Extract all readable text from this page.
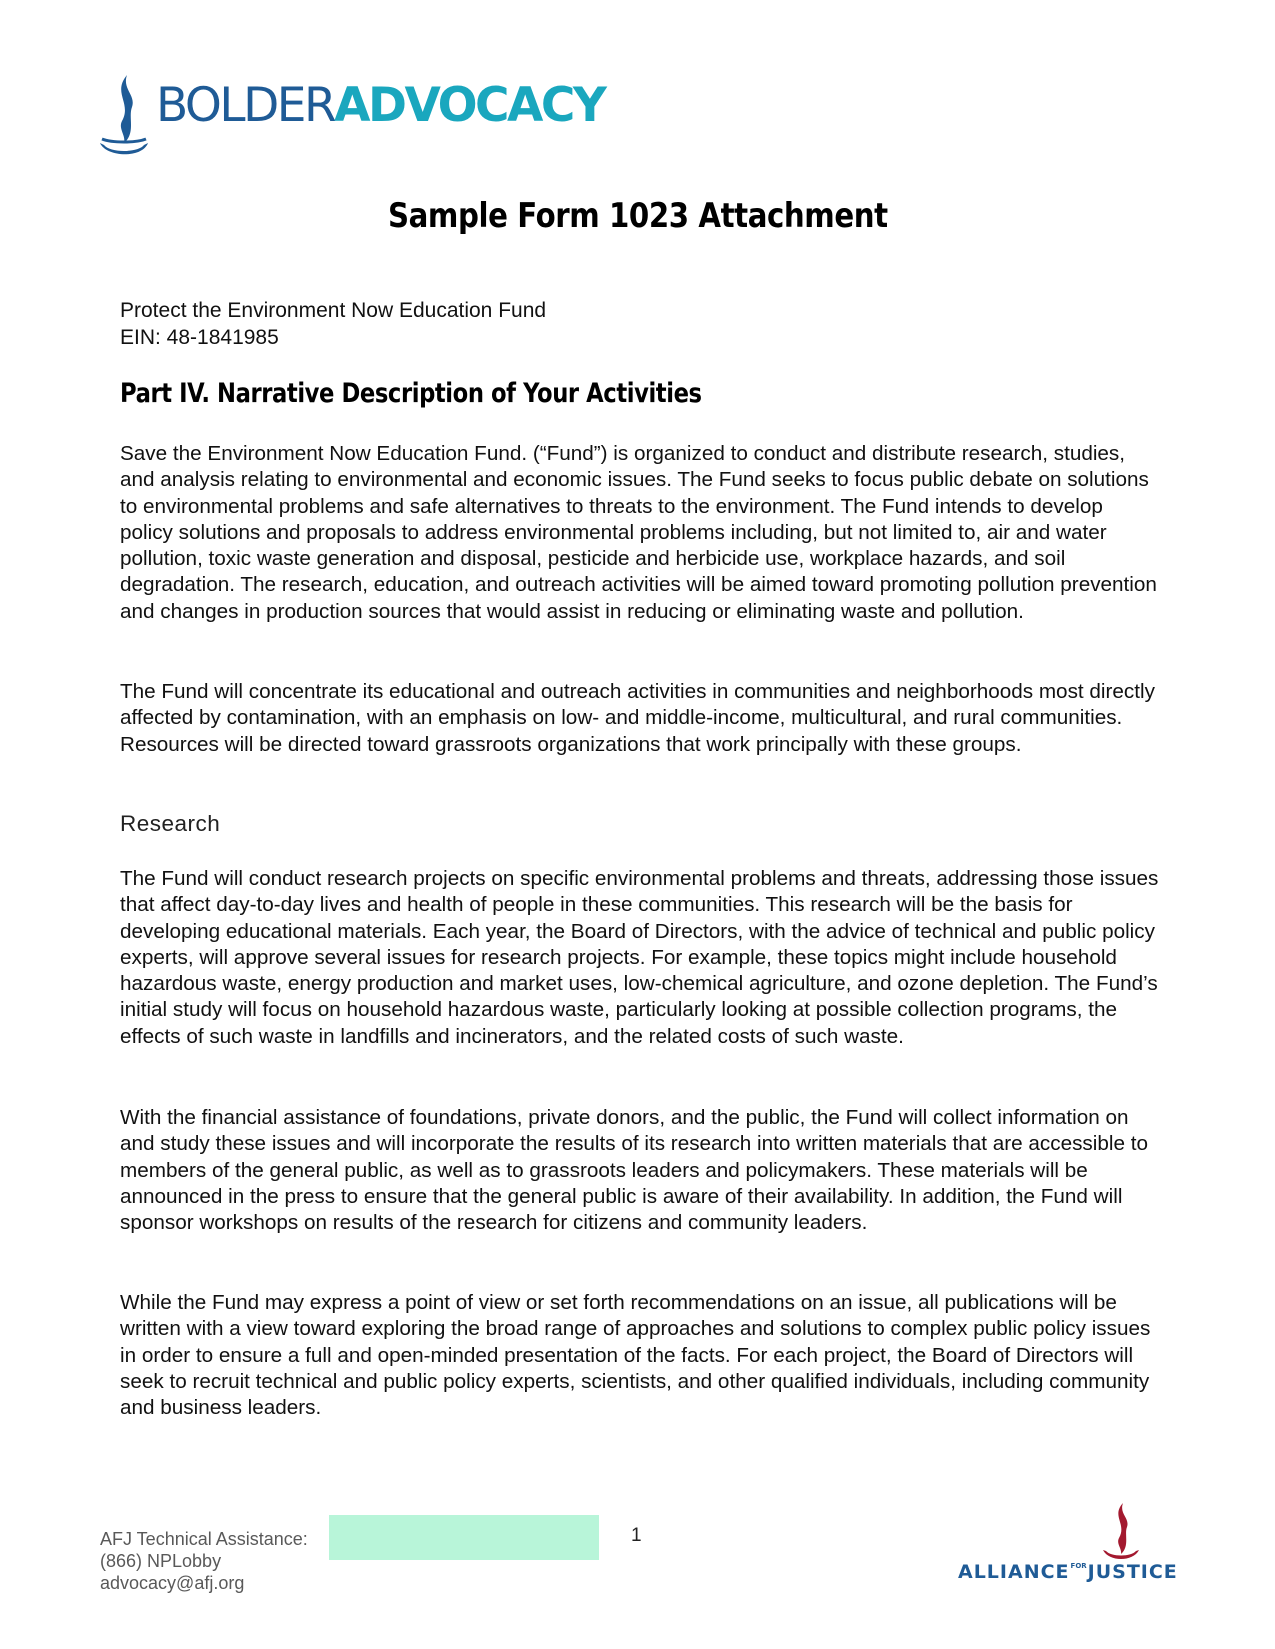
BOLDERADVOCACY
Sample Form 1023 Attachment
Protect the Environment Now Education Fund
EIN: 48-1841985
Part IV. Narrative Description of Your Activities

Save the Environment Now Education Fund. (“Fund”) is organized to conduct and distribute research, studies, and analysis relating to environmental and economic issues. The Fund seeks to focus public debate on solutions to environmental problems and safe alternatives to threats to the environment. The Fund intends to develop policy solutions and proposals to address environmental problems including, but not limited to, air and water pollution, toxic waste generation and disposal, pesticide and herbicide use, workplace hazards, and soil degradation. The research, education, and outreach activities will be aimed toward promoting pollution prevention and changes in production sources that would assist in reducing or eliminating waste and pollution.

The Fund will concentrate its educational and outreach activities in communities and neighborhoods most directly affected by contamination, with an emphasis on low- and middle-income, multicultural, and rural communities. Resources will be directed toward grassroots organizations that work principally with these groups.

Research

The Fund will conduct research projects on specific environmental problems and threats, addressing those issues that affect day-to-day lives and health of people in these communities. This research will be the basis for developing educational materials. Each year, the Board of Directors, with the advice of technical and public policy experts, will approve several issues for research projects. For example, these topics might include household hazardous waste, energy production and market uses, low-chemical agriculture, and ozone depletion. The Fund’s initial study will focus on household hazardous waste, particularly looking at possible collection programs, the effects of such waste in landfills and incinerators, and the related costs of such waste.

With the financial assistance of foundations, private donors, and the public, the Fund will collect information on and study these issues and will incorporate the results of its research into written materials that are accessible to members of the general public, as well as to grassroots leaders and policymakers. These materials will be announced in the press to ensure that the general public is aware of their availability. In addition, the Fund will sponsor workshops on results of the research for citizens and community leaders.

While the Fund may express a point of view or set forth recommendations on an issue, all publications will be written with a view toward exploring the broad range of approaches and solutions to complex public policy issues in order to ensure a full and open-minded presentation of the facts. For each project, the Board of Directors will seek to recruit technical and public policy experts, scientists, and other qualified individuals, including community and business leaders.

AFJ Technical Assistance:
(866) NPLobby
advocacy@afj.org
1
$ALLIANCE^{FOR}JUSTICE$
